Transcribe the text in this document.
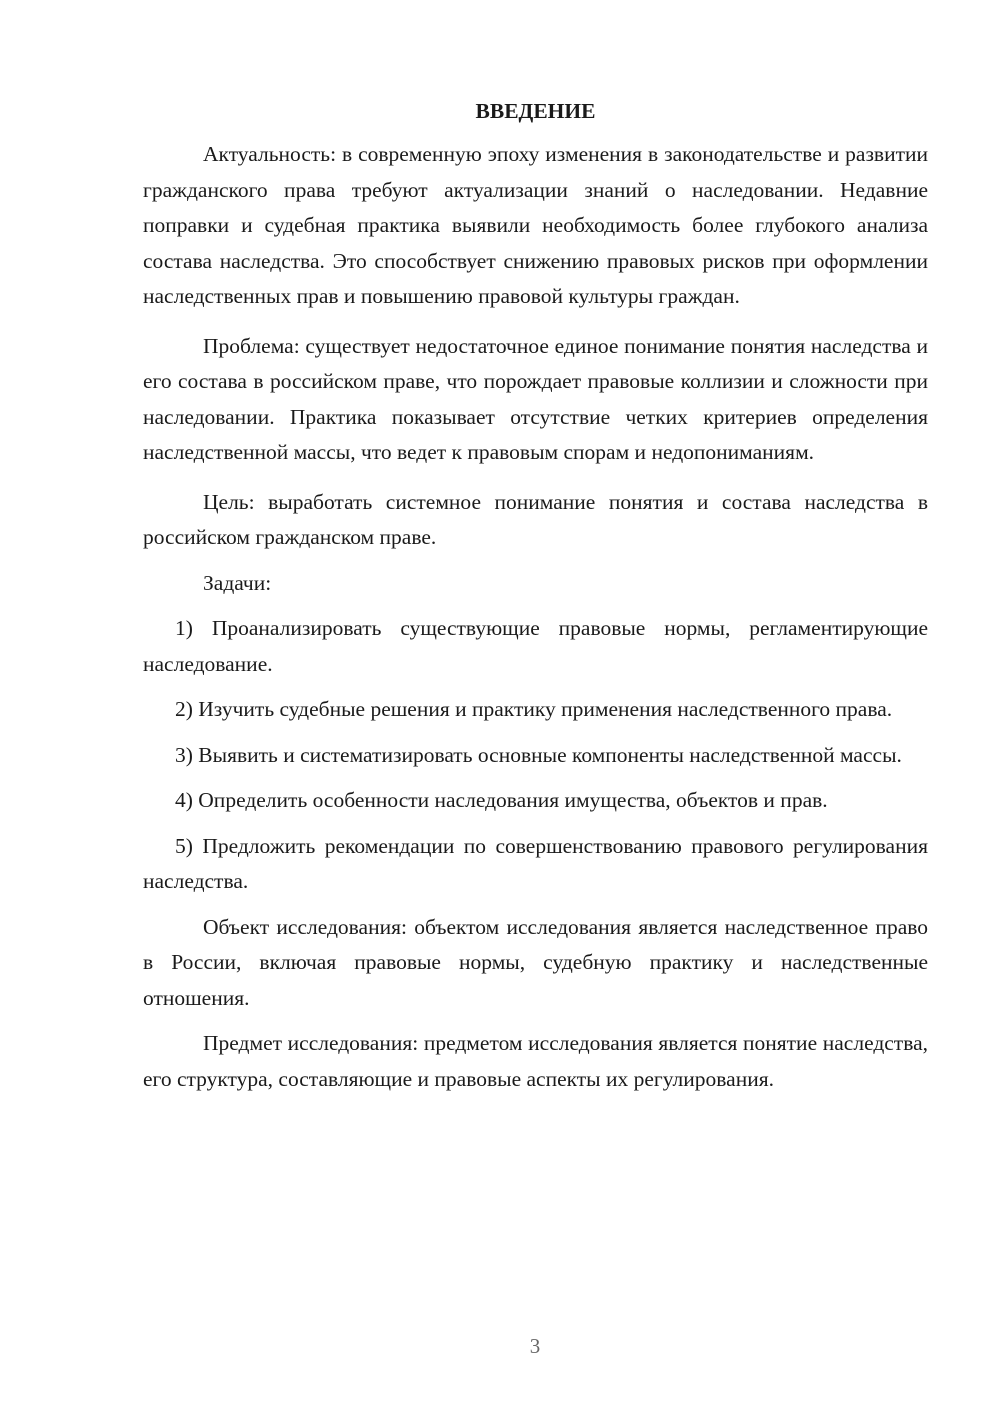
ВВЕДЕНИЕ

Актуальность: в современную эпоху изменения в законодательстве и развитии гражданского права требуют актуализации знаний о наследовании. Недавние поправки и судебная практика выявили необходимость более глубокого анализа состава наследства. Это способствует снижению правовых рисков при оформлении наследственных прав и повышению правовой культуры граждан.

Проблема: существует недостаточное единое понимание понятия наследства и его состава в российском праве, что порождает правовые коллизии и сложности при наследовании. Практика показывает отсутствие четких критериев определения наследственной массы, что ведет к правовым спорам и недопониманиям.

Цель: выработать системное понимание понятия и состава наследства в российском гражданском праве.

Задачи:

1) Проанализировать существующие правовые нормы, регламентирующие наследование.

2) Изучить судебные решения и практику применения наследственного права.

3) Выявить и систематизировать основные компоненты наследственной массы.

4) Определить особенности наследования имущества, объектов и прав.

5) Предложить рекомендации по совершенствованию правового регулирования наследства.

Объект исследования: объектом исследования является наследственное право в России, включая правовые нормы, судебную практику и наследственные отношения.

Предмет исследования: предметом исследования является понятие наследства, его структура, составляющие и правовые аспекты их регулирования.

3
